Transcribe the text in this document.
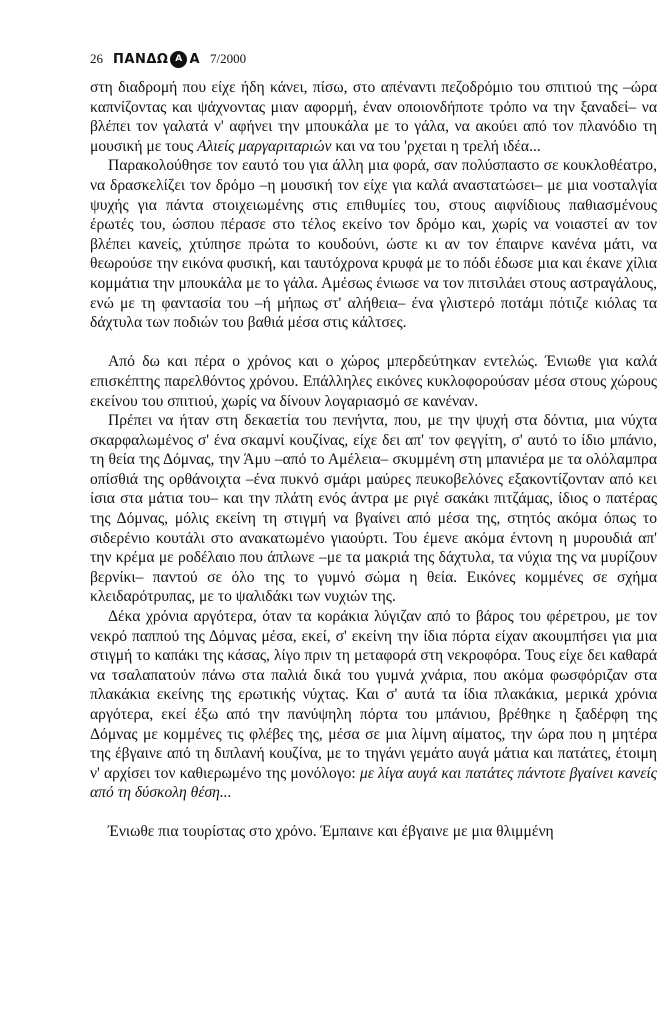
26 ΠΑΝΔΩ Α Α 7/2000

στη διαδρομή που είχε ήδη κάνει, πίσω, στο απέναντι πεζοδρόμιο του σπιτιού της –ώρα καπνίζοντας και ψάχνοντας μιαν αφορμή, έναν οποιονδήποτε τρόπο να την ξαναδεί– να βλέπει τον γαλατά ν' αφήνει την μπουκάλα με το γάλα, να ακούει από τον πλανόδιο τη μουσική με τους Αλιείς μαργαριταριών και να του 'ρχεται η τρελή ιδέα...

Παρακολούθησε τον εαυτό του για άλλη μια φορά, σαν πολύσπαστο σε κουκλοθέατρο, να δρασκελίζει τον δρόμο –η μουσική τον είχε για καλά αναστατώσει– με μια νοσταλγία ψυχής για πάντα στοιχειωμένης στις επιθυμίες του, στους αιφνίδιους παθιασμένους έρωτές του, ώσπου πέρασε στο τέλος εκείνο τον δρόμο και, χωρίς να νοιαστεί αν τον βλέπει κανείς, χτύπησε πρώτα το κουδούνι, ώστε κι αν τον έπαιρνε κανένα μάτι, να θεωρούσε την εικόνα φυσική, και ταυτόχρονα κρυφά με το πόδι έδωσε μια και έκανε χίλια κομμάτια την μπουκάλα με το γάλα. Αμέσως ένιωσε να τον πιτσιλάει στους αστραγάλους, ενώ με τη φαντασία του –ή μήπως στ' αλήθεια– ένα γλιστερό ποτάμι πότιζε κιόλας τα δάχτυλα των ποδιών του βαθιά μέσα στις κάλτσες.

Από δω και πέρα ο χρόνος και ο χώρος μπερδεύτηκαν εντελώς. Ένιωθε για καλά επισκέπτης παρελθόντος χρόνου. Επάλληλες εικόνες κυκλοφορούσαν μέσα στους χώρους εκείνου του σπιτιού, χωρίς να δίνουν λογαριασμό σε κανέναν.

Πρέπει να ήταν στη δεκαετία του πενήντα, που, με την ψυχή στα δόντια, μια νύχτα σκαρφαλωμένος σ' ένα σκαμνί κουζίνας, είχε δει απ' τον φεγγίτη, σ' αυτό το ίδιο μπάνιο, τη θεία της Δόμνας, την Άμυ –από το Αμέλεια– σκυμμένη στη μπανιέρα με τα ολόλαμπρα οπίσθιά της ορθάνοιχτα –ένα πυκνό σμάρι μαύρες πευκοβελόνες εξακοντίζονταν από κει ίσια στα μάτια του– και την πλάτη ενός άντρα με ριγέ σακάκι πιτζάμας, ίδιος ο πατέρας της Δόμνας, μόλις εκείνη τη στιγμή να βγαίνει από μέσα της, στητός ακόμα όπως το σιδερένιο κουτάλι στο ανακατωμένο γιαούρτι. Του έμενε ακόμα έντονη η μυρουδιά απ' την κρέμα με ροδέλαιο που άπλωνε –με τα μακριά της δάχτυλα, τα νύχια της να μυρίζουν βερνίκι– παντού σε όλο της το γυμνό σώμα η θεία. Εικόνες κομμένες σε σχήμα κλειδαρότρυπας, με το ψαλιδάκι των νυχιών της.

Δέκα χρόνια αργότερα, όταν τα κοράκια λύγιζαν από το βάρος του φέρετρου, με τον νεκρό παππού της Δόμνας μέσα, εκεί, σ' εκείνη την ίδια πόρτα είχαν ακουμπήσει για μια στιγμή το καπάκι της κάσας, λίγο πριν τη μεταφορά στη νεκροφόρα. Τους είχε δει καθαρά να τσαλαπατούν πάνω στα παλιά δικά του γυμνά χνάρια, που ακόμα φωσφόριζαν στα πλακάκια εκείνης της ερωτικής νύχτας. Και σ' αυτά τα ίδια πλακάκια, μερικά χρόνια αργότερα, εκεί έξω από την πανύψηλη πόρτα του μπάνιου, βρέθηκε η ξαδέρφη της Δόμνας με κομμένες τις φλέβες της, μέσα σε μια λίμνη αίματος, την ώρα που η μητέρα της έβγαινε από τη διπλανή κουζίνα, με το τηγάνι γεμάτο αυγά μάτια και πατάτες, έτοιμη ν' αρχίσει τον καθιερωμένο της μονόλογο: με λίγα αυγά και πατάτες πάντοτε βγαίνει κανείς από τη δύσκολη θέση...

Ένιωθε πια τουρίστας στο χρόνο. Έμπαινε και έβγαινε με μια θλιμμένη
